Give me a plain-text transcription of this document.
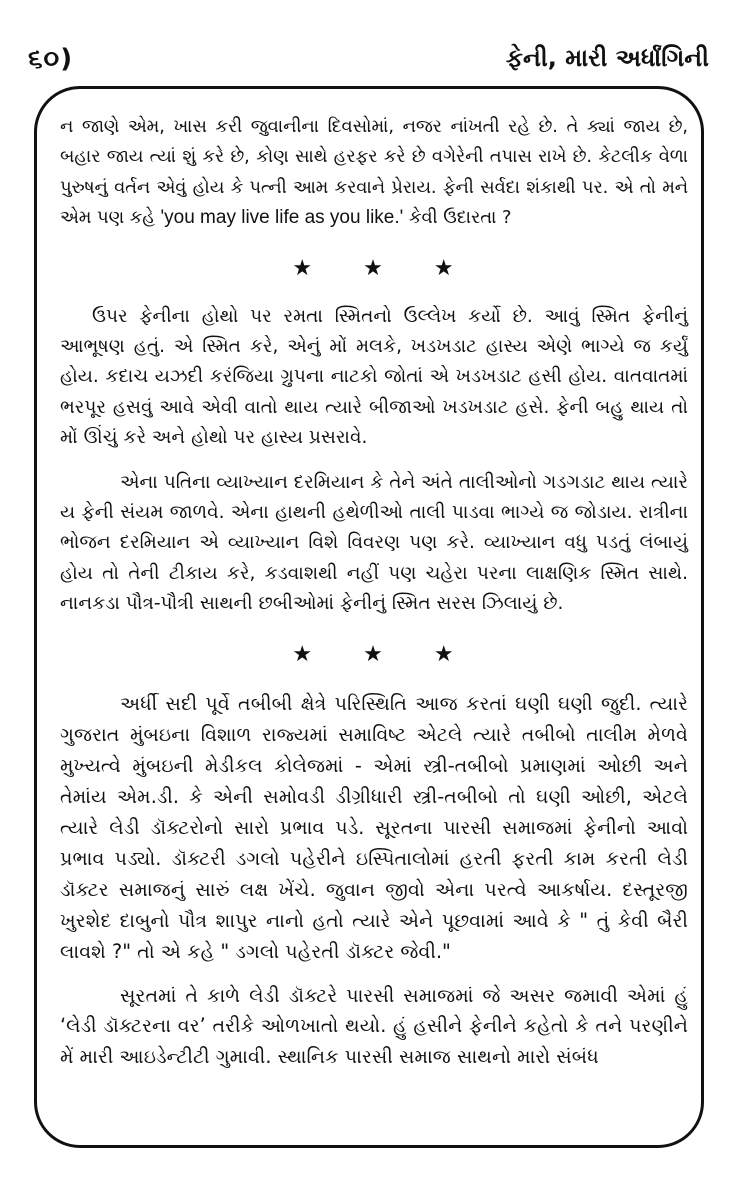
૬૦)	ફેની, મારી અર્ધાંગિની

ન જાણે એમ, ખાસ કરી જુવાનીના દિવસોમાં, નજર નાંખતી રહે છે. તે ક્યાં જાય છે, બહાર જાય ત્યાં શું કરે છે, કોણ સાથે હરફર કરે છે વગેરેની તપાસ રાખે છે. કેટલીક વેળા પુરુષનું વર્તન એવું હોય કે પત્ની આમ કરવાને પ્રેરાય. ફેની સર્વદા શંકાથી પર. એ તો મને એમ પણ કહે 'you may live life as you like.' કેવી ઉદારતા ?

★ ★ ★

ઉપર ફેનીના હોથો પર રમતા સ્મિતનો ઉલ્લેખ કર્યો છે. આવું સ્મિત ફેનીનું આભૂષણ હતું. એ સ્મિત કરે, એનું મોં મલકે, ખડખડાટ હાસ્ય એણે ભાગ્યે જ કર્યું હોય. કદાચ યઝદી કરંજિયા ગ્રુપના નાટકો જોતાં એ ખડખડાટ હસી હોય. વાતવાતમાં ભરપૂર હસવું આવે એવી વાતો થાય ત્યારે બીજાઓ ખડખડાટ હસે. ફેની બહુ થાય તો મોં ઊંચું કરે અને હોથો પર હાસ્ય પ્રસરાવે.

એના પતિના વ્યાખ્યાન દરમિયાન કે તેને અંતે તાલીઓનો ગડગડાટ થાય ત્યારે ય ફેની સંયમ જાળવે. એના હાથની હથેળીઓ તાલી પાડવા ભાગ્યે જ જોડાય. રાત્રીના ભોજન દરમિયાન એ વ્યાખ્યાન વિશે વિવરણ પણ કરે. વ્યાખ્યાન વધુ પડતું લંબાયું હોય તો તેની ટીકાય કરે, કડવાશથી નહીં પણ ચહેરા પરના લાક્ષણિક સ્મિત સાથે. નાનકડા પૌત્ર-પૌત્રી સાથની છબીઓમાં ફેનીનું સ્મિત સરસ ઝિલાયું છે.

★ ★ ★

અર્ધી સદી પૂર્વે તબીબી ક્ષેત્રે પરિસ્થિતિ આજ કરતાં ઘણી ઘણી જુદી. ત્યારે ગુજરાત મુંબઇના વિશાળ રાજ્યમાં સમાવિષ્ટ એટલે ત્યારે તબીબો તાલીમ મેળવે મુખ્યત્વે મુંબઇની મેડીકલ કોલેજમાં - એમાં સ્ત્રી-તબીબો પ્રમાણમાં ઓછી અને તેમાંય એમ.ડી. કે એની સમોવડી ડીગ્રીધારી સ્ત્રી-તબીબો તો ઘણી ઓછી, એટલે ત્યારે લેડી ડૉક્ટરોનો સારો પ્રભાવ પડે. સૂરતના પારસી સમાજમાં ફેનીનો આવો પ્રભાવ પડ્યો. ડૉક્ટરી ડગલો પહેરીને ઇસ્પિતાલોમાં હરતી ફરતી કામ કરતી લેડી ડૉક્ટર સમાજનું સારું લક્ષ ખેંચે. જુવાન જીવો એના પરત્વે આકર્ષાય. દસ્તૂરજી ખુરશેદ દાબુનો પૌત્ર શાપુર નાનો હતો ત્યારે એને પૂછવામાં આવે કે " તું કેવી બૈરી લાવશે ?" તો એ કહે " ડગલો પહેરતી ડૉક્ટર જેવી."

સૂરતમાં તે કાળે લેડી ડૉક્ટરે પારસી સમાજમાં જે અસર જમાવી એમાં હું ‘લેડી ડૉક્ટરના વર’ તરીકે ઓળખાતો થયો. હું હસીને ફેનીને કહેતો કે તને પરણીને મેં મારી આઇડેન્ટીટી ગુમાવી. સ્થાનિક પારસી સમાજ સાથનો મારો સંબંધ
